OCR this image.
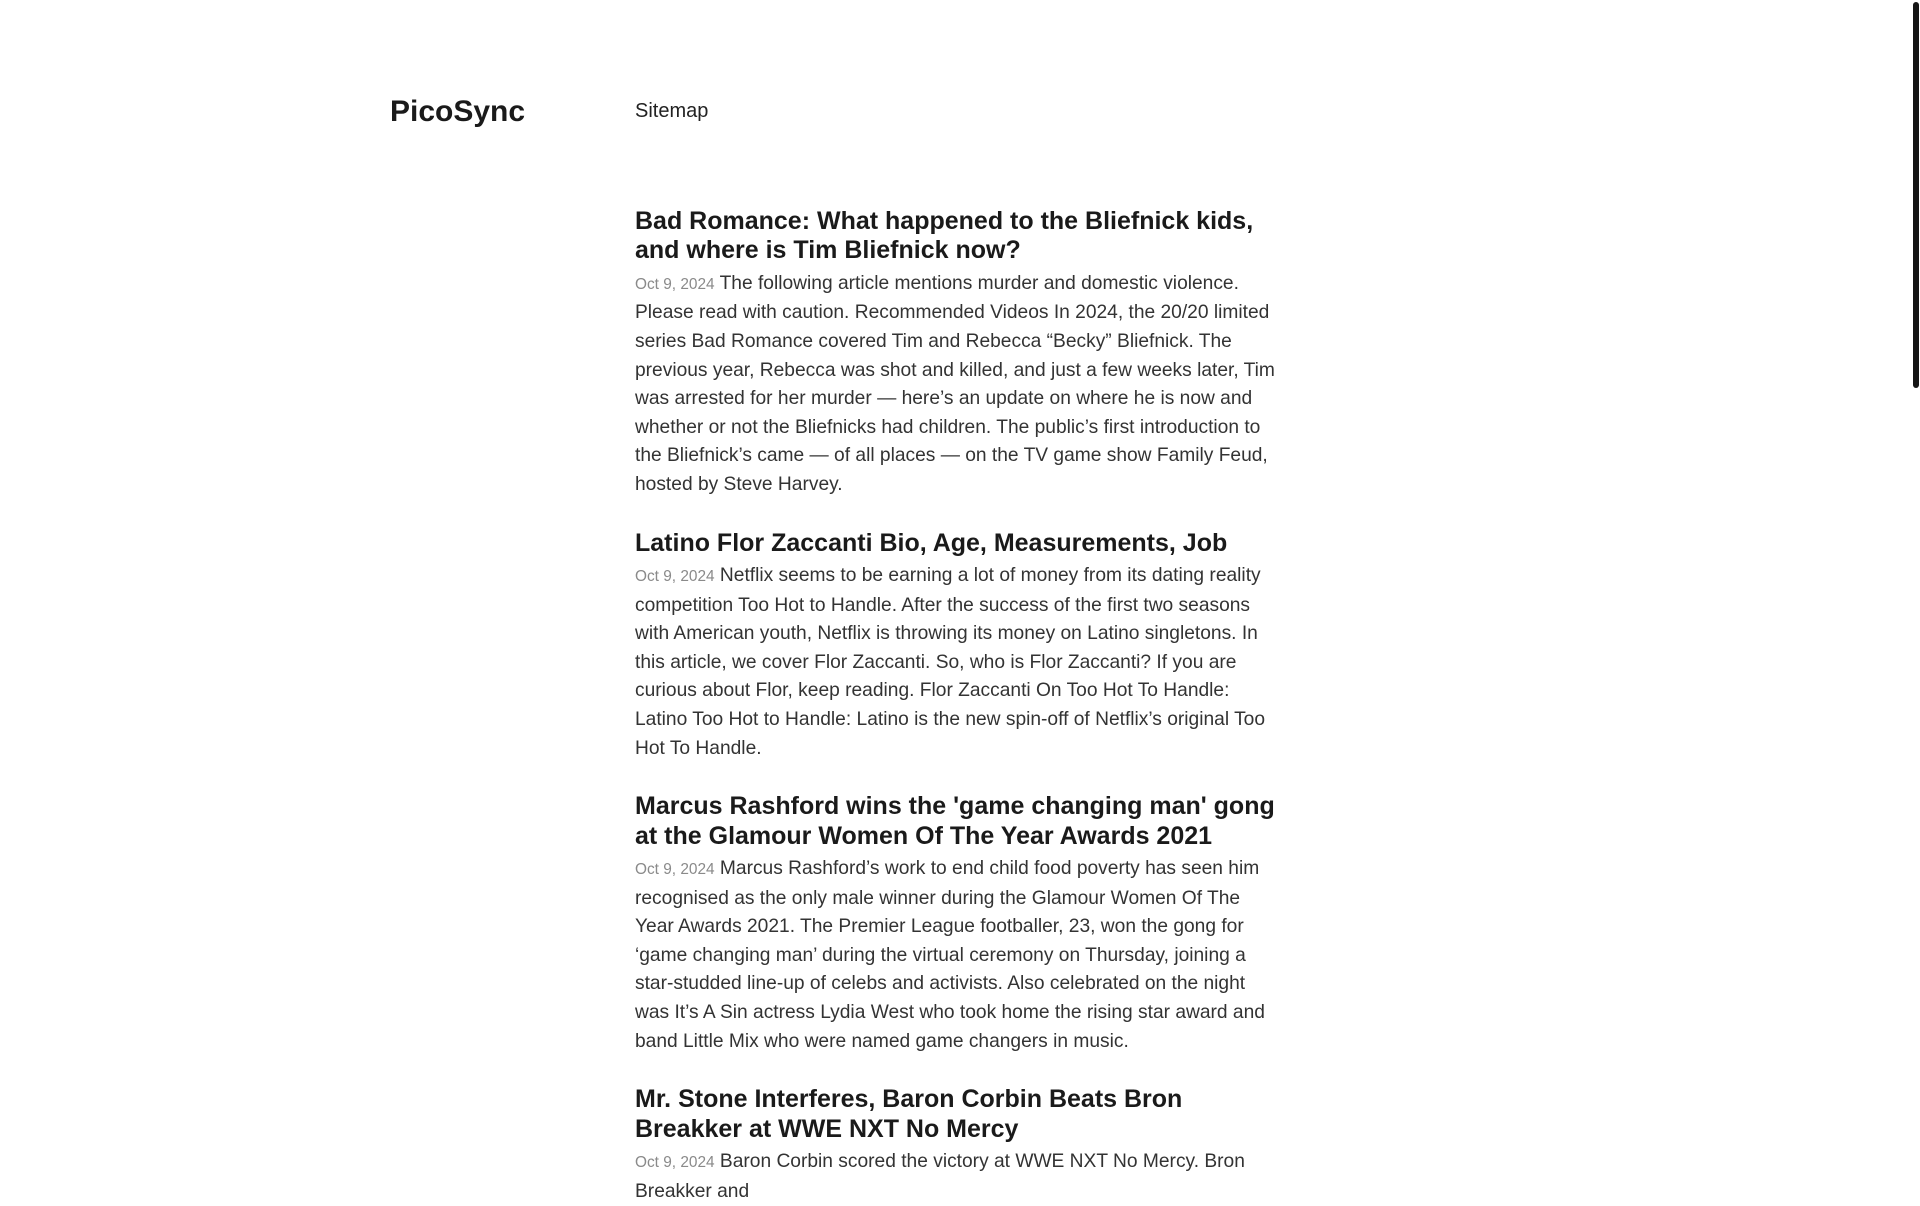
PicoSync	Sitemap
Bad Romance: What happened to the Bliefnick kids, and where is Tim Bliefnick now?

Oct 9, 2024 The following article mentions murder and domestic violence. Please read with caution. Recommended Videos In 2024, the 20/20 limited series Bad Romance covered Tim and Rebecca “Becky” Bliefnick. The previous year, Rebecca was shot and killed, and just a few weeks later, Tim was arrested for her murder — here’s an update on where he is now and whether or not the Bliefnicks had children. The public’s first introduction to the Bliefnick’s came — of all places — on the TV game show Family Feud, hosted by Steve Harvey.

Latino Flor Zaccanti Bio, Age, Measurements, Job

Oct 9, 2024 Netflix seems to be earning a lot of money from its dating reality competition Too Hot to Handle. After the success of the first two seasons with American youth, Netflix is throwing its money on Latino singletons. In this article, we cover Flor Zaccanti. So, who is Flor Zaccanti? If you are curious about Flor, keep reading. Flor Zaccanti On Too Hot To Handle: Latino Too Hot to Handle: Latino is the new spin-off of Netflix’s original Too Hot To Handle.

Marcus Rashford wins the 'game changing man' gong at the Glamour Women Of The Year Awards 2021

Oct 9, 2024 Marcus Rashford’s work to end child food poverty has seen him recognised as the only male winner during the Glamour Women Of The Year Awards 2021. The Premier League footballer, 23, won the gong for ‘game changing man’ during the virtual ceremony on Thursday, joining a star-studded line-up of celebs and activists. Also celebrated on the night was It’s A Sin actress Lydia West who took home the rising star award and band Little Mix who were named game changers in music.

Mr. Stone Interferes, Baron Corbin Beats Bron Breakker at WWE NXT No Mercy

Oct 9, 2024 Baron Corbin scored the victory at WWE NXT No Mercy. Bron Breakker and
